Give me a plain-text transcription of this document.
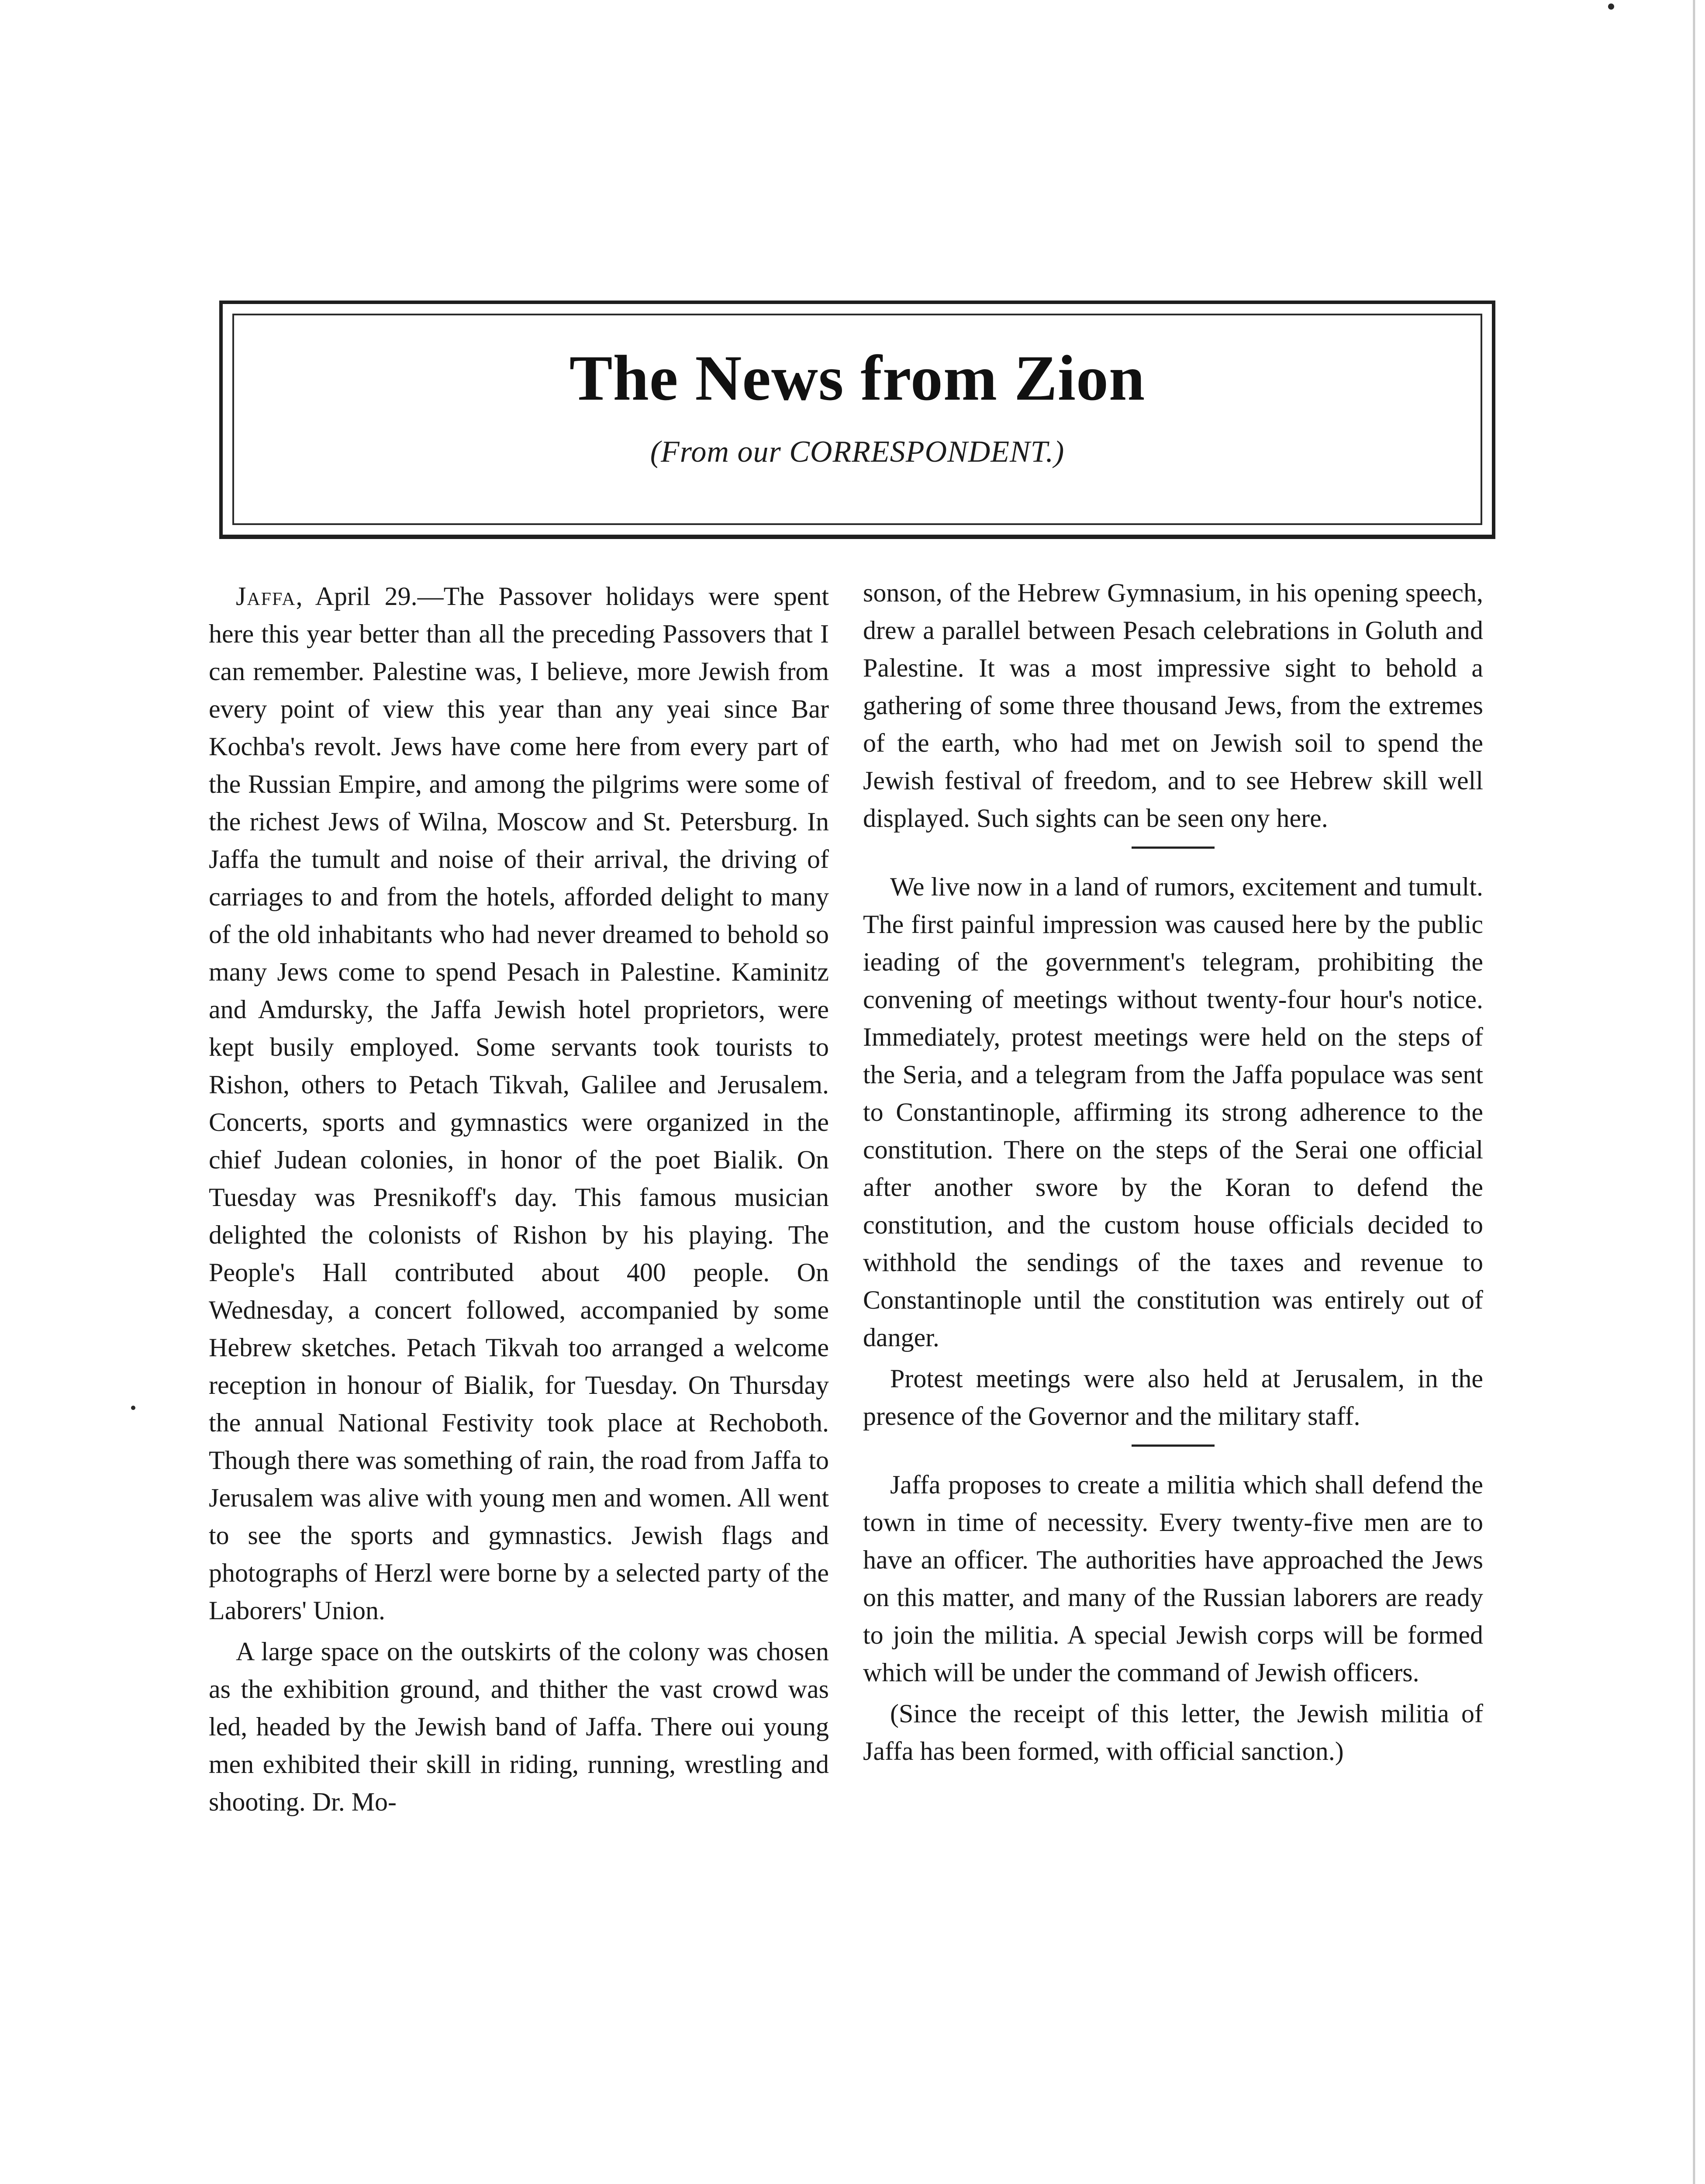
The News from Zion
(From our CORRESPONDENT.)

Jaffa, April 29.—The Passover holidays were spent here this year better than all the preceding Passovers that I can remember. Palestine was, I believe, more Jewish from every point of view this year than any yeai since Bar Kochba's revolt. Jews have come here from every part of the Russian Empire, and among the pilgrims were some of the richest Jews of Wilna, Moscow and St. Petersburg. In Jaffa the tumult and noise of their arrival, the driving of carriages to and from the hotels, afforded delight to many of the old inhabitants who had never dreamed to behold so many Jews come to spend Pesach in Palestine. Kaminitz and Amdursky, the Jaffa Jewish hotel proprietors, were kept busily employed. Some servants took tourists to Rishon, others to Petach Tikvah, Galilee and Jerusalem. Concerts, sports and gymnastics were organized in the chief Judean colonies, in honor of the poet Bialik. On Tuesday was Presnikoff's day. This famous musician delighted the colonists of Rishon by his playing. The People's Hall contributed about 400 people. On Wednesday, a concert followed, accompanied by some Hebrew sketches. Petach Tikvah too arranged a welcome reception in honour of Bialik, for Tuesday. On Thursday the annual National Festivity took place at Rechoboth. Though there was something of rain, the road from Jaffa to Jerusalem was alive with young men and women. All went to see the sports and gymnastics. Jewish flags and photographs of Herzl were borne by a selected party of the Laborers' Union.

A large space on the outskirts of the colony was chosen as the exhibition ground, and thither the vast crowd was led, headed by the Jewish band of Jaffa. There oui young men exhibited their skill in riding, running, wrestling and shooting. Dr. Mo-

sonson, of the Hebrew Gymnasium, in his opening speech, drew a parallel between Pesach celebrations in Goluth and Palestine. It was a most impressive sight to behold a gathering of some three thousand Jews, from the extremes of the earth, who had met on Jewish soil to spend the Jewish festival of freedom, and to see Hebrew skill well displayed. Such sights can be seen ony here.

We live now in a land of rumors, excitement and tumult. The first painful impression was caused here by the public ieading of the government's telegram, prohibiting the convening of meetings without twenty-four hour's notice. Immediately, protest meetings were held on the steps of the Seria, and a telegram from the Jaffa populace was sent to Constantinople, affirming its strong adherence to the constitution. There on the steps of the Serai one official after another swore by the Koran to defend the constitution, and the custom house officials decided to withhold the sendings of the taxes and revenue to Constantinople until the constitution was entirely out of danger.

Protest meetings were also held at Jerusalem, in the presence of the Governor and the military staff.

Jaffa proposes to create a militia which shall defend the town in time of necessity. Every twenty-five men are to have an officer. The authorities have approached the Jews on this matter, and many of the Russian laborers are ready to join the militia. A special Jewish corps will be formed which will be under the command of Jewish officers.

(Since the receipt of this letter, the Jewish militia of Jaffa has been formed, with official sanction.)
